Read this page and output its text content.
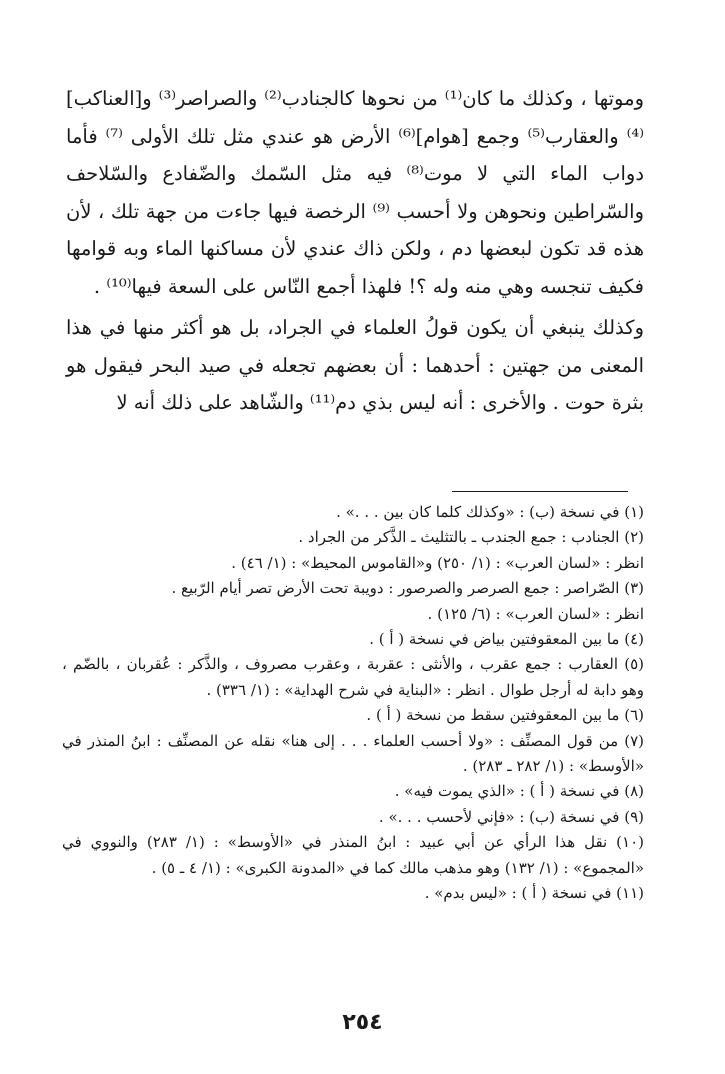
وموتها ، وكذلك ما كان⁽¹⁾ من نحوها كالجنادب⁽²⁾ والصراصر⁽³⁾ و[العناكب]⁽⁴⁾ والعقارب⁽⁵⁾ وجمع [هوام]⁽⁶⁾ الأرض هو عندي مثل تلك الأولى ⁽⁷⁾ فأما دواب الماء التي لا موت⁽⁸⁾ فيه مثل السّمك والضّفادع والسّلاحف والسّراطين ونحوهن ولا أحسب ⁽⁹⁾ الرخصة فيها جاءت من جهة تلك ، لأن هذه قد تكون لبعضها دم ، ولكن ذاك عندي لأن مساكنها الماء وبه قوامها فكيف تنجسه وهي منه وله ؟! فلهذا أجمع النّاس على السعة فيها⁽¹⁰⁾ .

وكذلك ينبغي أن يكون قولُ العلماء في الجراد، بل هو أكثر منها في هذا المعنى من جهتين : أحدهما : أن بعضهم تجعله في صيد البحر فيقول هو بثرة حوت . والأخرى : أنه ليس بذي دم⁽¹¹⁾ والشّاهد على ذلك أنه لا

(١) في نسخة (ب) : «وكذلك كلما كان بين . . .» .

(٢) الجنادب : جمع الجندب ـ بالتثليث ـ الذَّكر من الجراد .

انظر : «لسان العرب» : (١/ ٢٥٠) و«القاموس المحيط» : (١/ ٤٦) .

(٣) الصّراصر : جمع الصرصر والصرصور : دويبة تحت الأرض تصر أيام الرّبيع .

انظر : «لسان العرب» : (٦/ ١٢٥) .

(٤) ما بين المعقوفتين بياض في نسخة ( أ ) .

(٥) العقارب : جمع عقرب ، والأنثى : عقربة ، وعقرب مصروف ، والذَّكر : عُقربان ، بالضّم ، وهو دابة له أرجل طوال . انظر : «البناية في شرح الهداية» : (١/ ٣٣٦) .

(٦) ما بين المعقوفتين سقط من نسخة ( أ ) .

(٧) من قول المصنِّف : «ولا أحسب العلماء . . . إلى هنا» نقله عن المصنِّف : ابنُ المنذر في «الأوسط» : (١/ ٢٨٢ ـ ٢٨٣) .

(٨) في نسخة ( أ ) : «الذي يموت فيه» .

(٩) في نسخة (ب) : «فإني لأحسب . . .» .

(١٠) نقل هذا الرأي عن أبي عبيد : ابنُ المنذر في «الأوسط» : (١/ ٢٨٣) والنووي في «المجموع» : (١/ ١٣٢) وهو مذهب مالك كما في «المدونة الكبرى» : (١/ ٤ ـ ٥) .

(١١) في نسخة ( أ ) : «ليس بدم» .

٢٥٤
